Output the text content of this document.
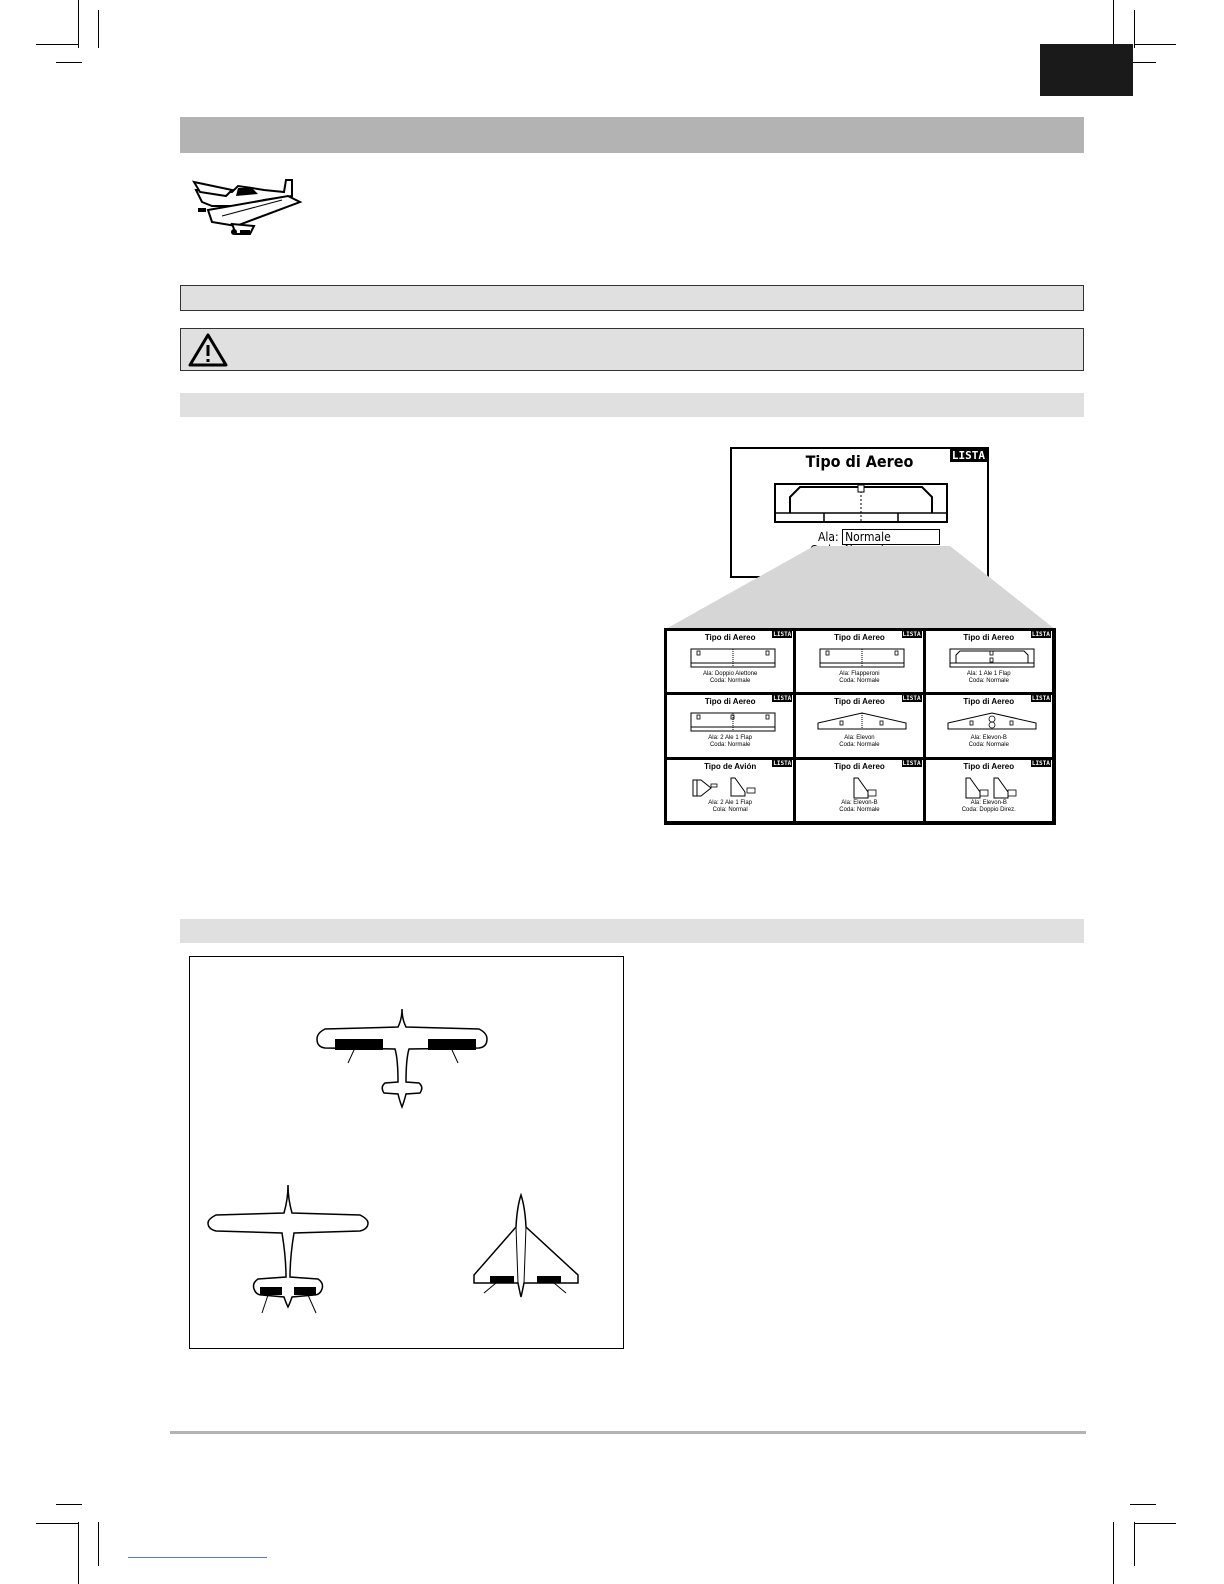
Tipo di Aereo	LISTA
Ala: Normale
Tipo di Aereo	LISTA
Ala: Doppio Alettone
Coda: Normale
Tipo di Aereo	LISTA
Ala: Flapperoni
Coda: Normale
Tipo di Aereo	LISTA
Ala: 1 Ale 1 Flap
Coda: Normale
Tipo di Aereo	LISTA
Ala: 2 Ale 1 Flap
Coda: Normale
Tipo di Aereo	LISTA
Ala: Elevon
Coda: Normale
Tipo di Aereo	LISTA
Ala: Elevon-B
Coda: Normale
Tipo de Avión	LISTA
Ala: 2 Ale 1 Flap
Cola: Normal
Tipo di Aereo	LISTA
Ala: Elevon-B
Coda: Normale
Tipo di Aereo	LISTA
Ala: Elevon-B
Coda: Doppio Direz.
